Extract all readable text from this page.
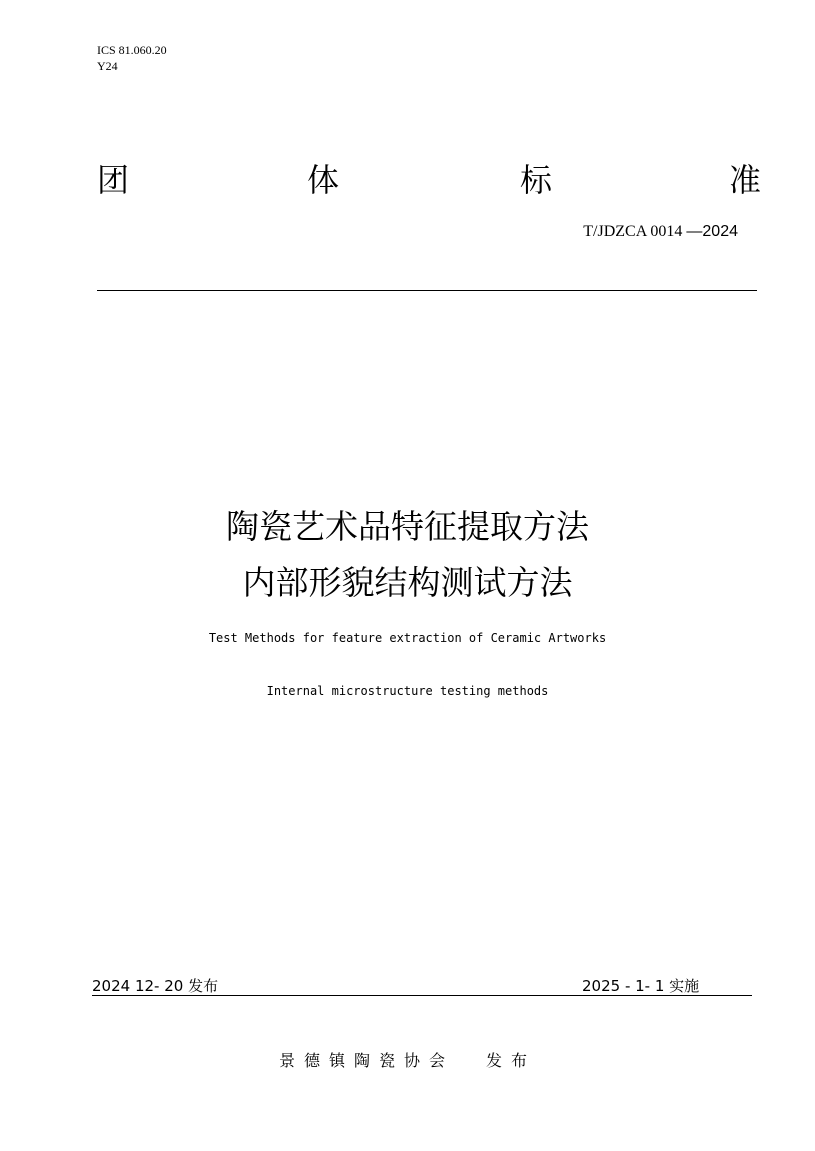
ICS 81.060.20
Y24
团	体	标	准
T/JDZCA 0014 —2024
陶瓷艺术品特征提取方法
内部形貌结构测试方法
Test Methods for feature extraction of Ceramic Artworks
Internal microstructure testing methods
2024 12- 20 发布	2025 - 1- 1 实施
景德镇陶瓷协会 发布
